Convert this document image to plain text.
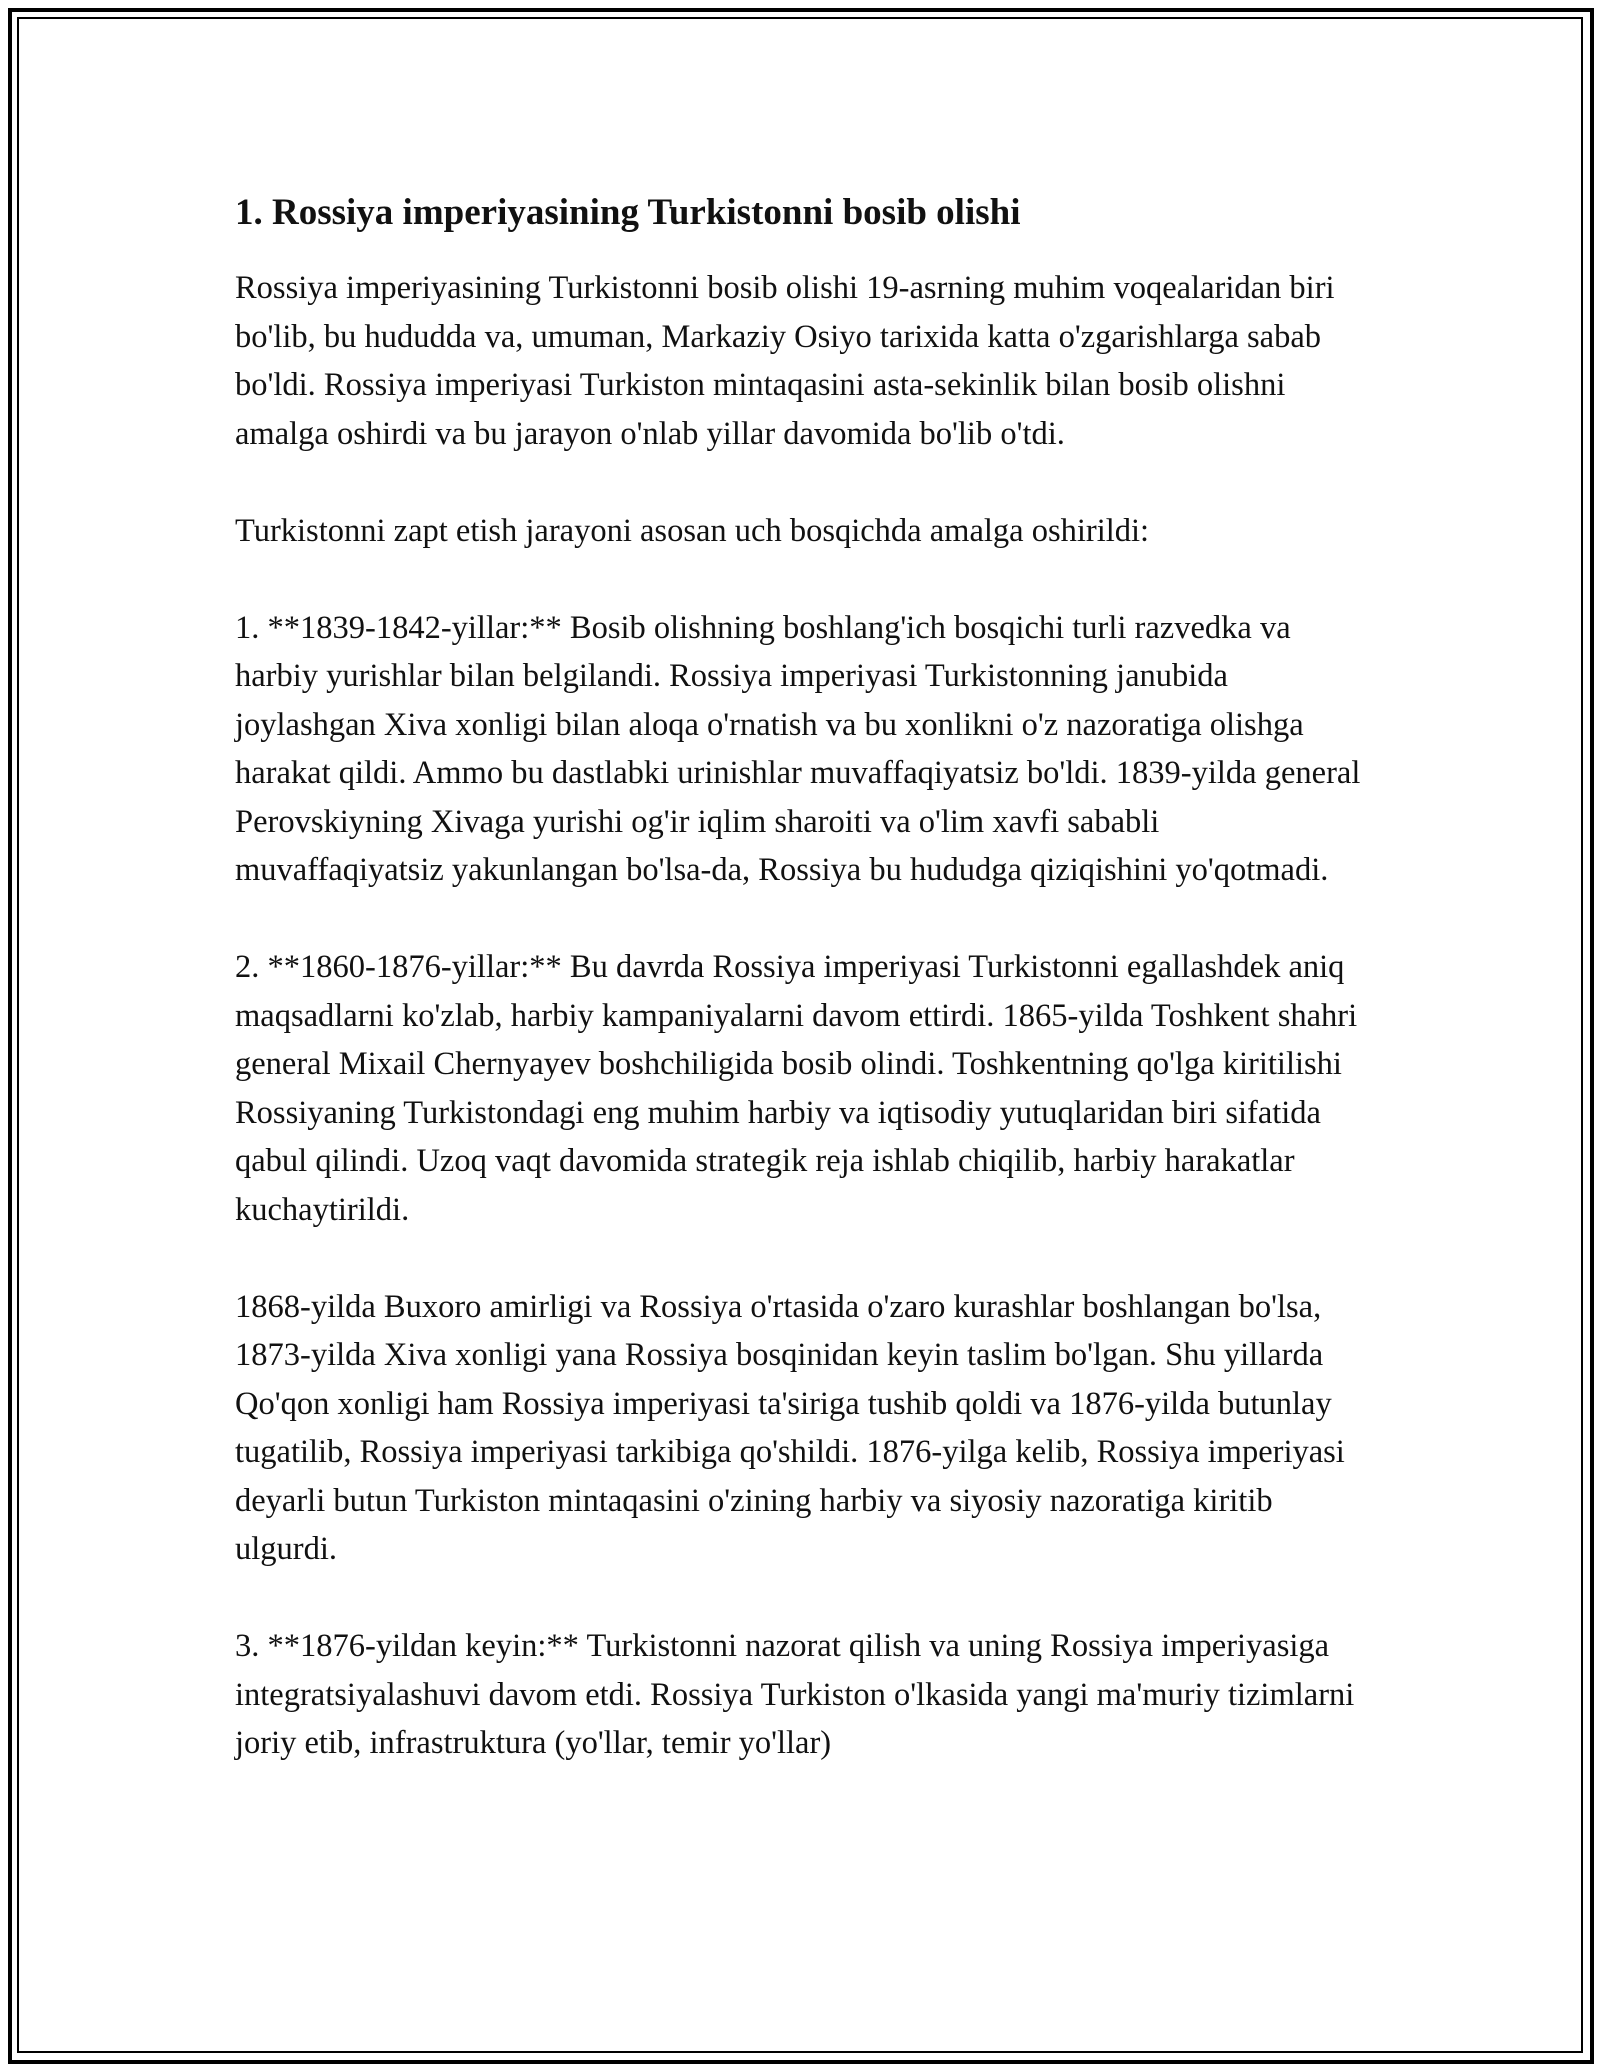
1. Rossiya imperiyasining Turkistonni bosib olishi

Rossiya imperiyasining Turkistonni bosib olishi 19-asrning muhim voqealaridan biri bo'lib, bu hududda va, umuman, Markaziy Osiyo tarixida katta o'zgarishlarga sabab bo'ldi. Rossiya imperiyasi Turkiston mintaqasini asta-sekinlik bilan bosib olishni amalga oshirdi va bu jarayon o'nlab yillar davomida bo'lib o'tdi.

Turkistonni zapt etish jarayoni asosan uch bosqichda amalga oshirildi:

1. **1839-1842-yillar:** Bosib olishning boshlang'ich bosqichi turli razvedka va harbiy yurishlar bilan belgilandi. Rossiya imperiyasi Turkistonning janubida joylashgan Xiva xonligi bilan aloqa o'rnatish va bu xonlikni o'z nazoratiga olishga harakat qildi. Ammo bu dastlabki urinishlar muvaffaqiyatsiz bo'ldi. 1839-yilda general Perovskiyning Xivaga yurishi og'ir iqlim sharoiti va o'lim xavfi sababli muvaffaqiyatsiz yakunlangan bo'lsa-da, Rossiya bu hududga qiziqishini yo'qotmadi.

2. **1860-1876-yillar:** Bu davrda Rossiya imperiyasi Turkistonni egallashdek aniq maqsadlarni ko'zlab, harbiy kampaniyalarni davom ettirdi. 1865-yilda Toshkent shahri general Mixail Chernyayev boshchiligida bosib olindi. Toshkentning qo'lga kiritilishi Rossiyaning Turkistondagi eng muhim harbiy va iqtisodiy yutuqlaridan biri sifatida qabul qilindi. Uzoq vaqt davomida strategik reja ishlab chiqilib, harbiy harakatlar kuchaytirildi.

1868-yilda Buxoro amirligi va Rossiya o'rtasida o'zaro kurashlar boshlangan bo'lsa, 1873-yilda Xiva xonligi yana Rossiya bosqinidan keyin taslim bo'lgan. Shu yillarda Qo'qon xonligi ham Rossiya imperiyasi ta'siriga tushib qoldi va 1876-yilda butunlay tugatilib, Rossiya imperiyasi tarkibiga qo'shildi. 1876-yilga kelib, Rossiya imperiyasi deyarli butun Turkiston mintaqasini o'zining harbiy va siyosiy nazoratiga kiritib ulgurdi.

3. **1876-yildan keyin:** Turkistonni nazorat qilish va uning Rossiya imperiyasiga integratsiyalashuvi davom etdi. Rossiya Turkiston o'lkasida yangi ma'muriy tizimlarni joriy etib, infrastruktura (yo'llar, temir yo'llar)
